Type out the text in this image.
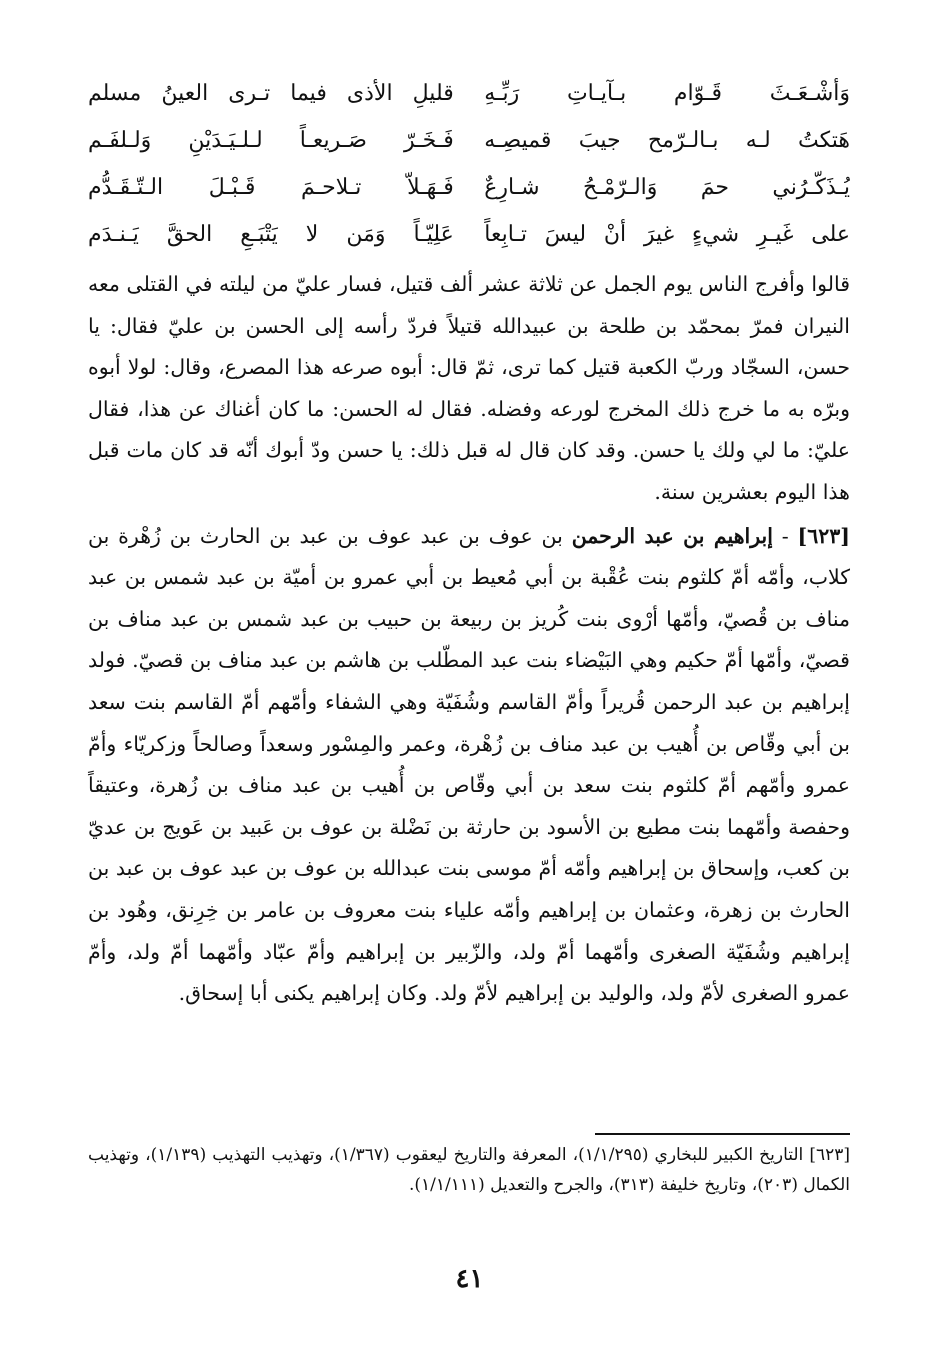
وَأشْـعَـثَ قَـوّام بـآيـاتِ رَبِّـهِ
قليلِ الأذى فيما تـرى العينُ مسلم
هَتكتُ لـه بـالـرّمح جيبَ قميصِـه
فَـخَـرّ صَـريعـاً لـلـيَـدَيْنِ وَلـلفَـم
يُـذَكّـرُني حمَ وَالـرّمْـحُ شـارِعٌ
فَـهَـلاّ تـلاحـمَ قَـبْـلَ الـتّـقَـدُّم
على غَيـرِ شيءٍ غيرَ أنْ ليسَ تـابِعاً
عَلِيّـاً وَمَن لا يَتْبَـعِ الحقَّ يَـنـدَم

قالوا وأفرج الناس يوم الجمل عن ثلاثة عشر ألف قتيل، فسار عليّ من ليلته في القتلى معه النيران فمرّ بمحمّد بن طلحة بن عبيدالله قتيلاً فردّ رأسه إلى الحسن بن عليّ فقال: يا حسن، السجّاد وربّ الكعبة قتيل كما ترى، ثمّ قال: أبوه صرعه هذا المصرع، وقال: لولا أبوه وبرّه به ما خرج ذلك المخرج لورعه وفضله. فقال له الحسن: ما كان أغناك عن هذا، فقال عليّ: ما لي ولك يا حسن. وقد كان قال له قبل ذلك: يا حسن ودّ أبوك أنّه قد كان مات قبل هذا اليوم بعشرين سنة.

[٦٢٣] - إبراهيم بن عبد الرحمن بن عوف بن عبد عوف بن عبد بن الحارث بن زُهْرة بن كلاب، وأمّه أمّ كلثوم بنت عُقْبة بن أبي مُعيط بن أبي عمرو بن أميّة بن عبد شمس بن عبد مناف بن قُصيّ، وأمّها أرْوى بنت كُريز بن ربيعة بن حبيب بن عبد شمس بن عبد مناف بن قصيّ، وأمّها أمّ حكيم وهي البَيْضاء بنت عبد المطّلب بن هاشم بن عبد مناف بن قصيّ. فولد إبراهيم بن عبد الرحمن قُريراً وأمّ القاسم وشُفَيّة وهي الشفاء وأمّهم أمّ القاسم بنت سعد بن أبي وقّاص بن أُهيب بن عبد مناف بن زُهْرة، وعمر والمِسْور وسعداً وصالحاً وزكريّاء وأمّ عمرو وأمّهم أمّ كلثوم بنت سعد بن أبي وقّاص بن أُهيب بن عبد مناف بن زُهرة، وعتيقاً وحفصة وأمّهما بنت مطيع بن الأسود بن حارثة بن نَضْلة بن عوف بن عَبيد بن عَويج بن عديّ بن كعب، وإسحاق بن إبراهيم وأمّه أمّ موسى بنت عبدالله بن عوف بن عبد عوف بن عبد بن الحارث بن زهرة، وعثمان بن إبراهيم وأمّه علياء بنت معروف بن عامر بن خِرِنق، وهُود بن إبراهيم وشُفَيّة الصغرى وأمّهما أمّ ولد، والزّبير بن إبراهيم وأمّ عبّاد وأمّهما أمّ ولد، وأمّ عمرو الصغرى لأمّ ولد، والوليد بن إبراهيم لأمّ ولد. وكان إبراهيم يكنى أبا إسحاق.

[٦٢٣] التاريخ الكبير للبخاري (١/١/٢٩٥)، المعرفة والتاريخ ليعقوب (١/٣٦٧)، وتهذيب التهذيب (١/١٣٩)، وتهذيب الكمال (٢٠٣)، وتاريخ خليفة (٣١٣)، والجرح والتعديل (١/١/١١١).

٤١
